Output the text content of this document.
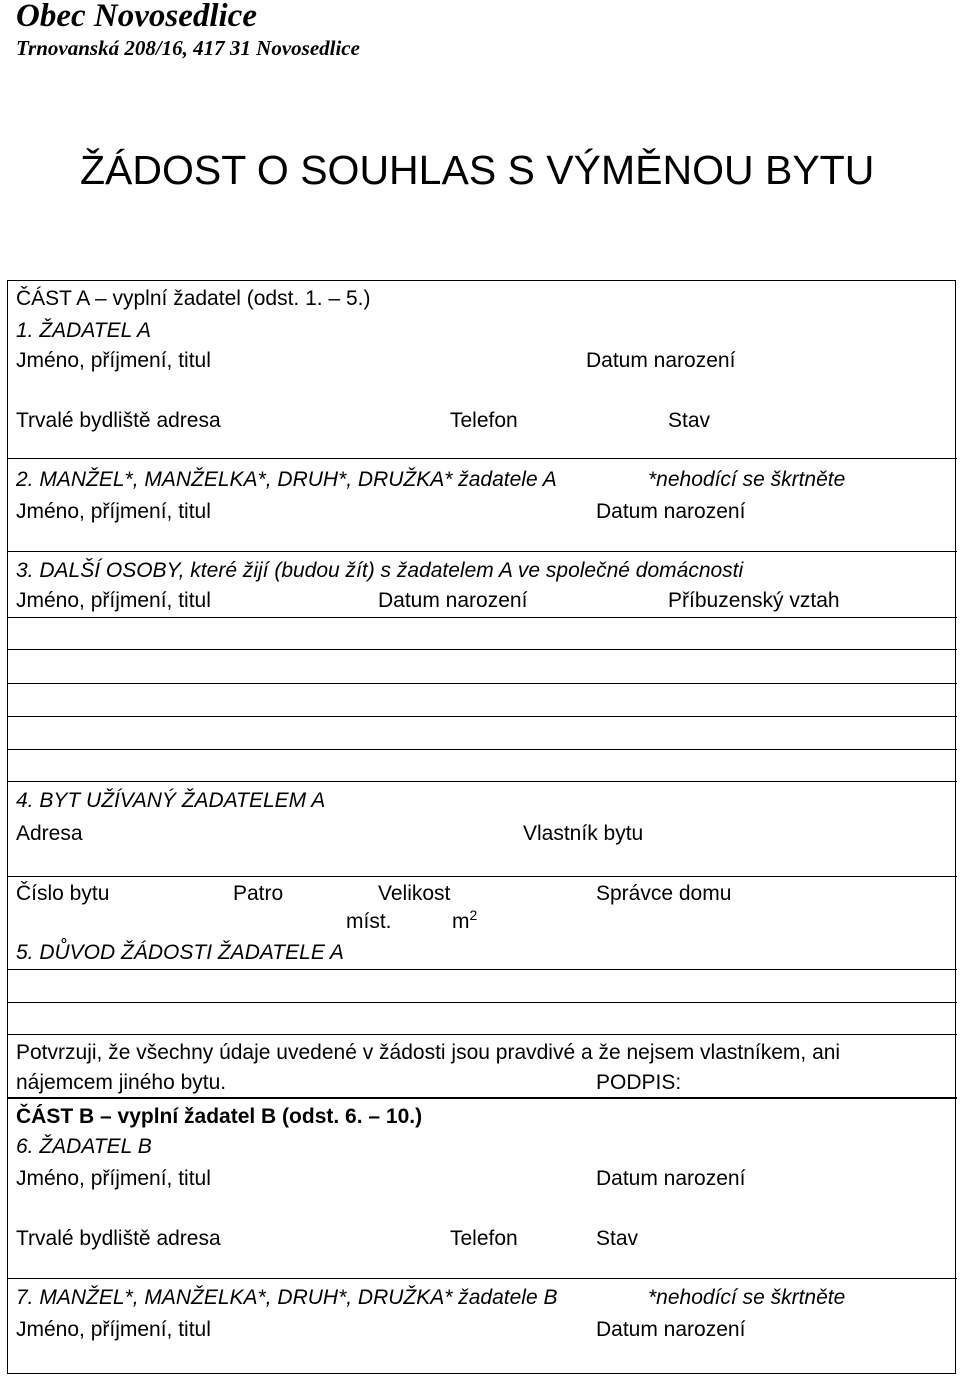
Obec Novosedlice
Trnovanská 208/16, 417 31 Novosedlice
ŽÁDOST O SOUHLAS S VÝMĚNOU BYTU
ČÁST A – vyplní žadatel (odst. 1. – 5.)
1. ŽADATEL A
Jméno, příjmení, titul	Datum narození
Trvalé bydliště adresa	Telefon	Stav
2. MANŽEL*, MANŽELKA*, DRUH*, DRUŽKA* žadatele A	*nehodící se škrtněte
Jméno, příjmení, titul	Datum narození
3. DALŠÍ OSOBY, které žijí (budou žít) s žadatelem A ve společné domácnosti
Jméno, příjmení, titul	Datum narození	Příbuzenský vztah
4. BYT UŽÍVANÝ ŽADATELEM A
Adresa	Vlastník bytu
Číslo bytu	Patro	Velikost	Správce domu
míst.	$m^2$
5. DŮVOD ŽÁDOSTI ŽADATELE A
Potvrzuji, že všechny údaje uvedené v žádosti jsou pravdivé a že nejsem vlastníkem, ani
nájemcem jiného bytu.	PODPIS:
ČÁST B – vyplní žadatel B (odst. 6. – 10.)
6. ŽADATEL B
Jméno, příjmení, titul	Datum narození
Trvalé bydliště adresa	Telefon	Stav
7. MANŽEL*, MANŽELKA*, DRUH*, DRUŽKA* žadatele B	*nehodící se škrtněte
Jméno, příjmení, titul	Datum narození
